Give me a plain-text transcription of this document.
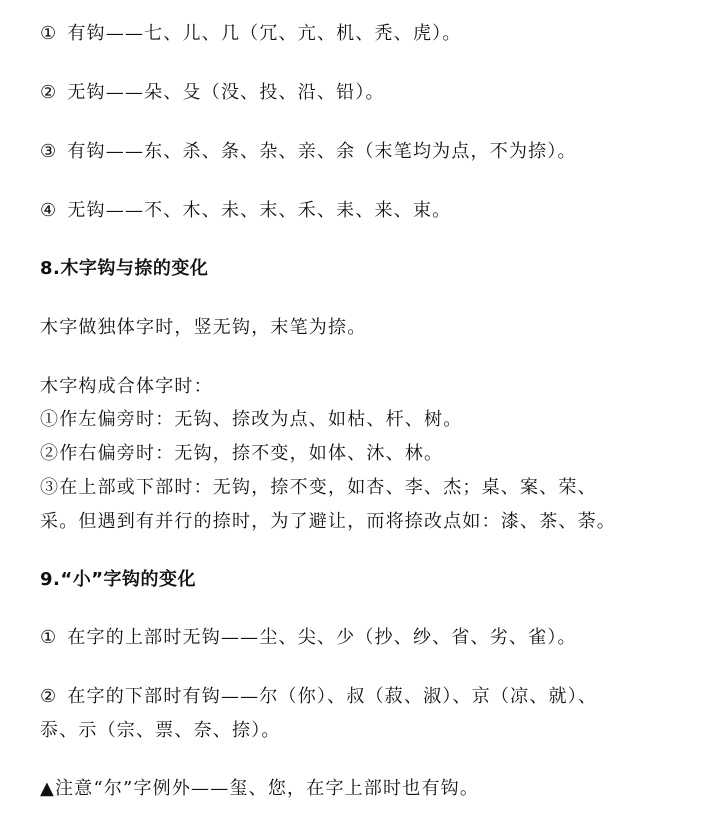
① 有钩——七、儿、几（冗、亢、机、秃、虎）。
② 无钩——朵、殳（没、投、沿、铅）。
③ 有钩——东、杀、条、杂、亲、余（末笔均为点，不为捺）。
④ 无钩——不、木、未、末、禾、耒、来、束。
8.木字钩与捺的变化
木字做独体字时，竖无钩，末笔为捺。
木字构成合体字时：
①作左偏旁时：无钩、捺改为点、如枯、杆、树。
②作右偏旁时：无钩，捺不变，如体、沐、林。
③在上部或下部时：无钩，捺不变，如杏、李、杰；桌、案、荣、
采。但遇到有并行的捺时，为了避让，而将捺改点如：漆、茶、荼。
9.“小”字钩的变化
① 在字的上部时无钩——尘、尖、少（抄、纱、省、劣、雀）。
② 在字的下部时有钩——尔（你）、叔（菽、淑）、京（凉、就）、
忝、示（宗、票、奈、捺）。
▲注意“尔”字例外——玺、您，在字上部时也有钩。
